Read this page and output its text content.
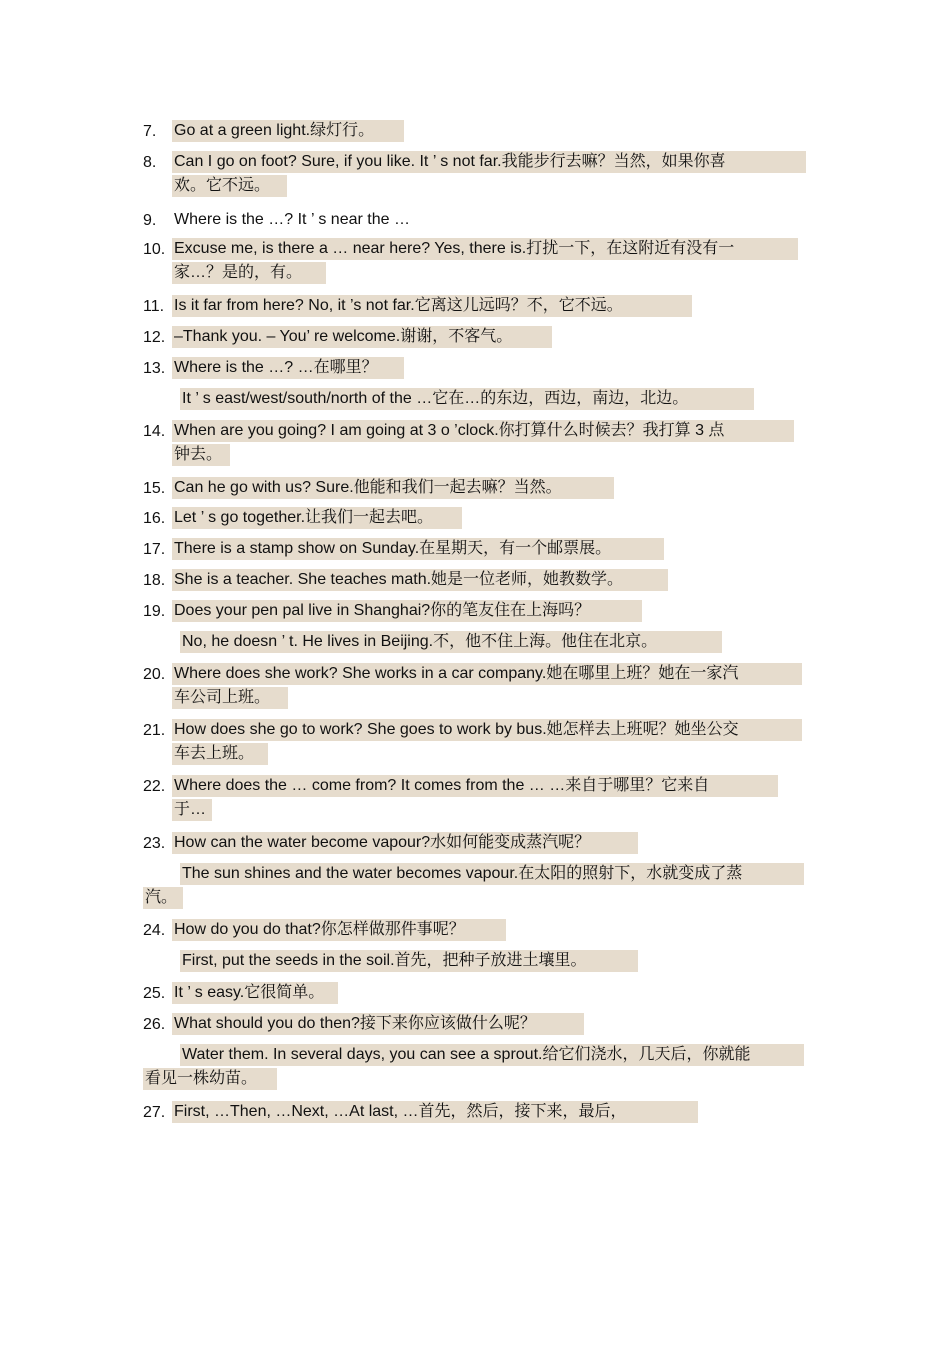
7. Go at a green light.绿灯行。
8. Can I go on foot? Sure, if you like. It ’ s not far.我能步行去嘛？当然，如果你喜
欢。它不远。
9. Where is the …? It ’ s near the …
10. Excuse me, is there a … near here? Yes, there is.打扰一下，在这附近有没有一
家…？是的，有。
11. Is it far from here? No, it ’s not far.它离这儿远吗？不，它不远。
12. –Thank you. – You’ re welcome.谢谢，不客气。
13. Where is the …? …在哪里？
It ’ s east/west/south/north of the …它在…的东边，西边，南边，北边。
14. When are you going? I am going at 3 o ’clock.你打算什么时候去？我打算 3 点
钟去。
15. Can he go with us? Sure.他能和我们一起去嘛？当然。
16. Let ’ s go together.让我们一起去吧。
17. There is a stamp show on Sunday.在星期天，有一个邮票展。
18. She is a teacher. She teaches math.她是一位老师，她教数学。
19. Does your pen pal live in Shanghai?你的笔友住在上海吗？
No, he doesn ’ t. He lives in Beijing.不，他不住上海。他住在北京。
20. Where does she work? She works in a car company.她在哪里上班？她在一家汽
车公司上班。
21. How does she go to work? She goes to work by bus.她怎样去上班呢？她坐公交
车去上班。
22. Where does the … come from? It comes from the … …来自于哪里？它来自
于…
23. How can the water become vapour?水如何能变成蒸汽呢？
The sun shines and the water becomes vapour.在太阳的照射下，水就变成了蒸
汽。
24. How do you do that?你怎样做那件事呢？
First, put the seeds in the soil.首先，把种子放进土壤里。
25. It ’ s easy.它很简单。
26. What should you do then?接下来你应该做什么呢？
Water them. In several days, you can see a sprout.给它们浇水，几天后，你就能
看见一株幼苗。
27. First, …Then, …Next, …At last, …首先，然后，接下来，最后，
